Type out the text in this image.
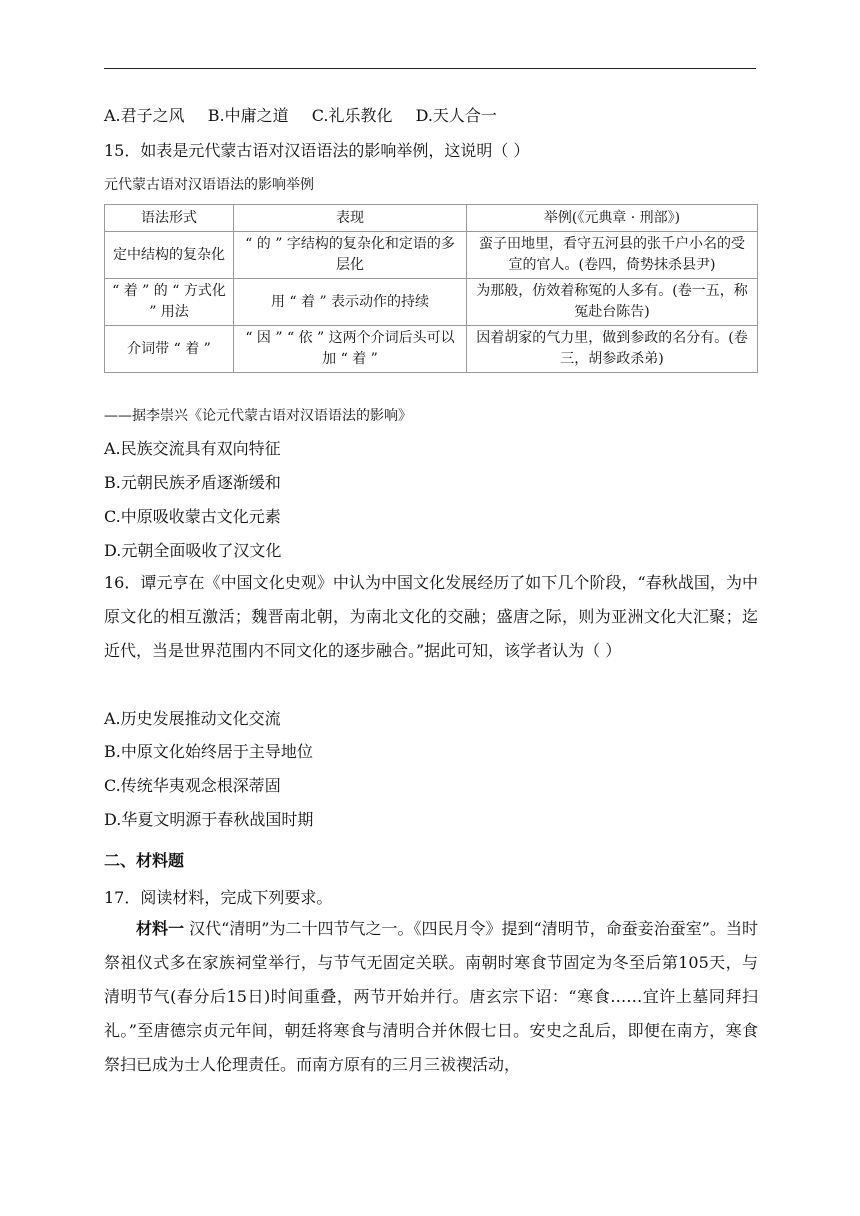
A.君子之风 B.中庸之道 C.礼乐教化 D.天人合一
15．如表是元代蒙古语对汉语语法的影响举例，这说明（ ）
元代蒙古语对汉语语法的影响举例
语法形式	表现	举例(《元典章 · 刑部》)
定中结构的复杂化	“ 的 ” 字结构的复杂化和定语的多层化	蛮子田地里，看守五河县的张千户小名的受宣的官人。(卷四，倚势抹杀县尹)
“ 着 ” 的 “ 方式化 ” 用法	用 “ 着 ” 表示动作的持续	为那般，仿效着称冤的人多有。(卷一五，称冤赴台陈告)
介词带 “ 着 ”	“ 因 ” “ 依 ” 这两个介词后头可以加 “ 着 ”	因着胡家的气力里，做到参政的名分有。(卷三，胡参政杀弟)
——据李崇兴《论元代蒙古语对汉语语法的影响》
A.民族交流具有双向特征
B.元朝民族矛盾逐渐缓和
C.中原吸收蒙古文化元素
D.元朝全面吸收了汉文化
16．谭元亨在《中国文化史观》中认为中国文化发展经历了如下几个阶段，“春秋战国，为中原文化的相互激活；魏晋南北朝，为南北文化的交融；盛唐之际，则为亚洲文化大汇聚；迄近代，当是世界范围内不同文化的逐步融合。”据此可知，该学者认为（ ）
A.历史发展推动文化交流
B.中原文化始终居于主导地位
C.传统华夷观念根深蒂固
D.华夏文明源于春秋战国时期
二、材料题
17．阅读材料，完成下列要求。

材料一 汉代“清明”为二十四节气之一。《四民月令》提到“清明节，命蚕妾治蚕室”。当时祭祖仪式多在家族祠堂举行，与节气无固定关联。南朝时寒食节固定为冬至后第105天，与清明节气(春分后15日)时间重叠，两节开始并行。唐玄宗下诏：“寒食……宜许上墓同拜扫礼。”至唐德宗贞元年间，朝廷将寒食与清明合并休假七日。安史之乱后，即便在南方，寒食祭扫已成为士人伦理责任。而南方原有的三月三祓禊活动，
